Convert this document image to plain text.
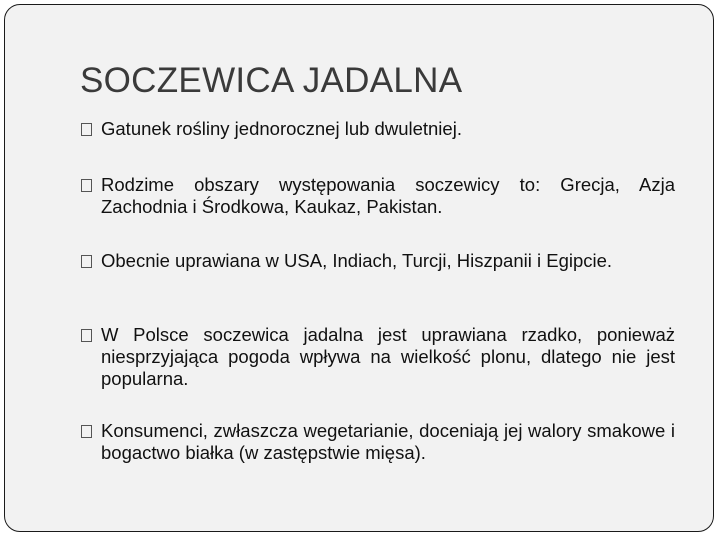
SOCZEWICA JADALNA
Gatunek rośliny jednorocznej lub dwuletniej.
Rodzime obszary występowania soczewicy to: Grecja, Azja Zachodnia i Środkowa, Kaukaz, Pakistan.
Obecnie uprawiana w USA, Indiach, Turcji, Hiszpanii i Egipcie.
W Polsce soczewica jadalna jest uprawiana rzadko, ponieważ niesprzyjająca pogoda wpływa na wielkość plonu, dlatego nie jest popularna.
Konsumenci, zwłaszcza wegetarianie, doceniają jej walory smakowe i bogactwo białka (w zastępstwie mięsa).
